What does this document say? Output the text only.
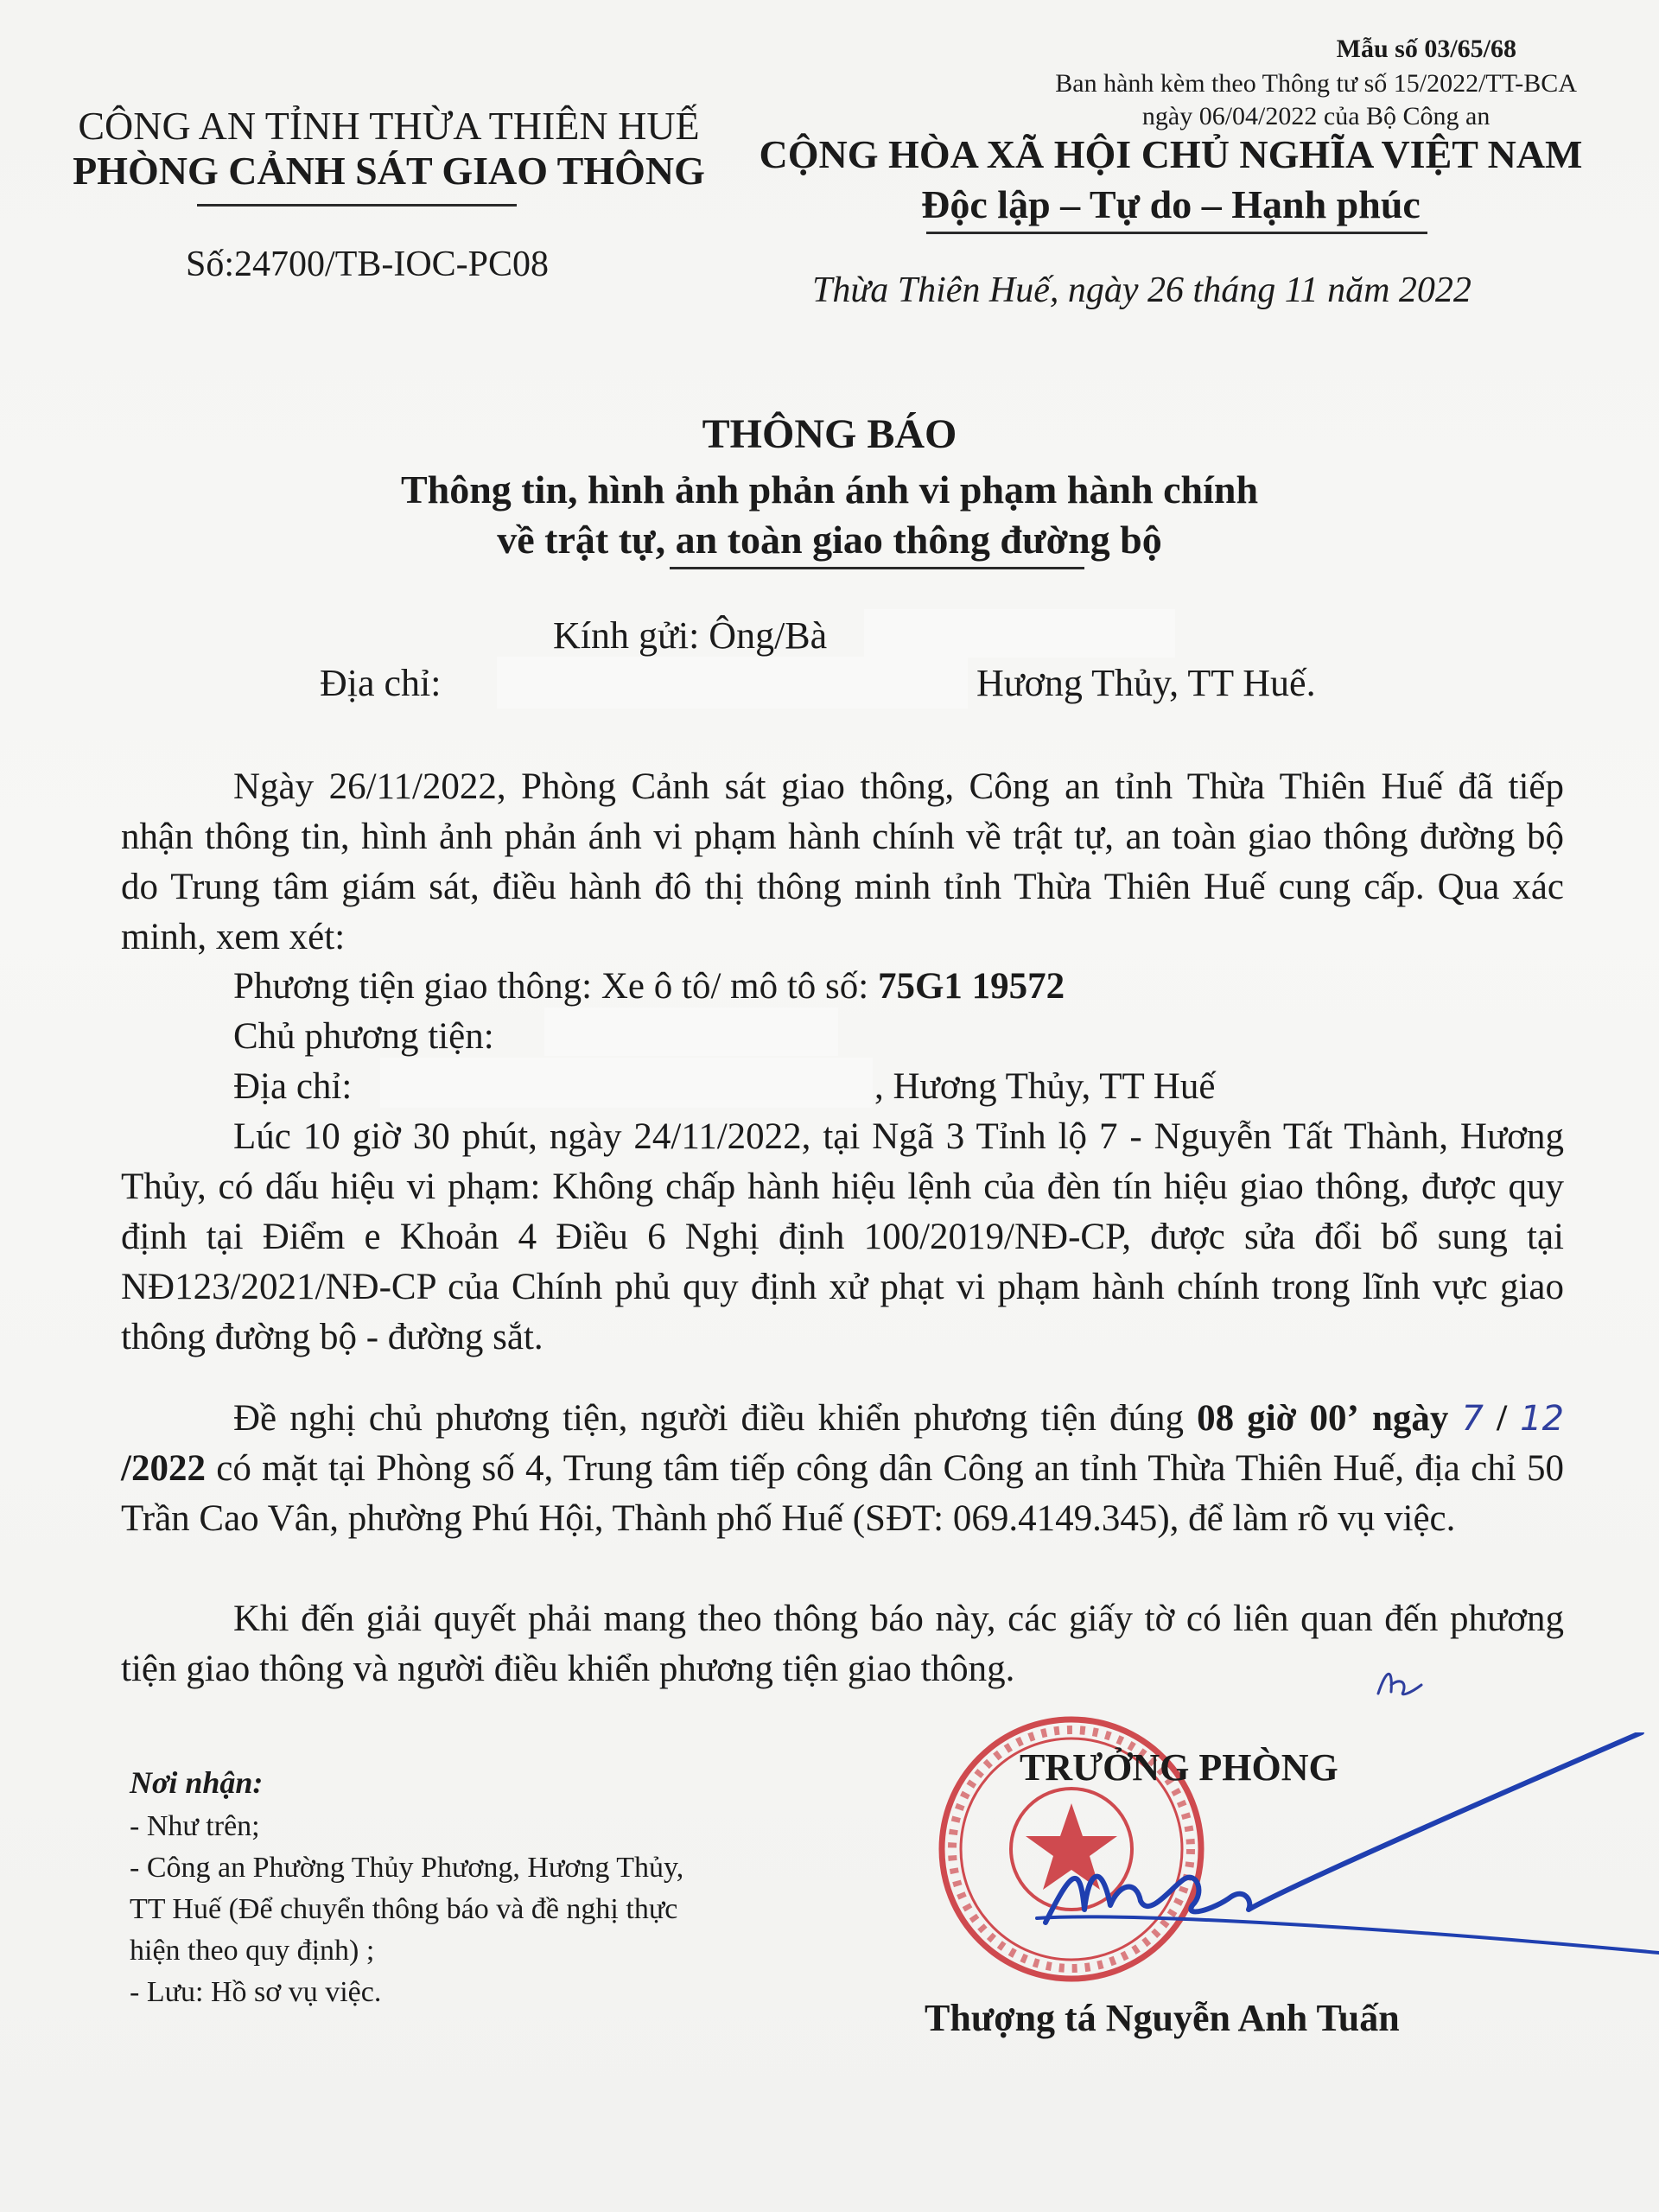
Mẫu số 03/65/68
Ban hành kèm theo Thông tư số 15/2022/TT-BCA
ngày 06/04/2022 của Bộ Công an
CÔNG AN TỈNH THỪA THIÊN HUẾ
PHÒNG CẢNH SÁT GIAO THÔNG CỘNG HÒA XÃ HỘI CHỦ NGHĨA VIỆT NAM
Độc lập – Tự do – Hạnh phúc
Số:24700/TB-IOC-PC08
Thừa Thiên Huế, ngày 26 tháng 11 năm 2022
THÔNG BÁO
Thông tin, hình ảnh phản ánh vi phạm hành chính
về trật tự, an toàn giao thông đường bộ
Kính gửi: Ông/Bà
Địa chỉ:	Hương Thủy, TT Huế.
Ngày 26/11/2022, Phòng Cảnh sát giao thông, Công an tỉnh Thừa Thiên Huế đã tiếp nhận thông tin, hình ảnh phản ánh vi phạm hành chính về trật tự, an toàn giao thông đường bộ do Trung tâm giám sát, điều hành đô thị thông minh tỉnh Thừa Thiên Huế cung cấp. Qua xác minh, xem xét:
Phương tiện giao thông: Xe ô tô/ mô tô số: 75G1 19572
Chủ phương tiện:
Địa chỉ:	, Hương Thủy, TT Huế
Lúc 10 giờ 30 phút, ngày 24/11/2022, tại Ngã 3 Tỉnh lộ 7 - Nguyễn Tất Thành, Hương Thủy, có dấu hiệu vi phạm: Không chấp hành hiệu lệnh của đèn tín hiệu giao thông, được quy định tại Điểm e Khoản 4 Điều 6 Nghị định 100/2019/NĐ-CP, được sửa đổi bổ sung tại NĐ123/2021/NĐ-CP của Chính phủ quy định xử phạt vi phạm hành chính trong lĩnh vực giao thông đường bộ - đường sắt.
Đề nghị chủ phương tiện, người điều khiển phương tiện đúng 08 giờ 00’ ngày 7 / 12 /2022 có mặt tại Phòng số 4, Trung tâm tiếp công dân Công an tỉnh Thừa Thiên Huế, địa chỉ 50 Trần Cao Vân, phường Phú Hội, Thành phố Huế (SĐT: 069.4149.345), để làm rõ vụ việc.
Khi đến giải quyết phải mang theo thông báo này, các giấy tờ có liên quan đến phương tiện giao thông và người điều khiển phương tiện giao thông.
Nơi nhận:
- Như trên;
- Công an Phường Thủy Phương, Hương Thủy,
TT Huế (Để chuyển thông báo và đề nghị thực
hiện theo quy định) ;
- Lưu: Hồ sơ vụ việc.
TRƯỞNG PHÒNG
Thượng tá Nguyễn Anh Tuấn
